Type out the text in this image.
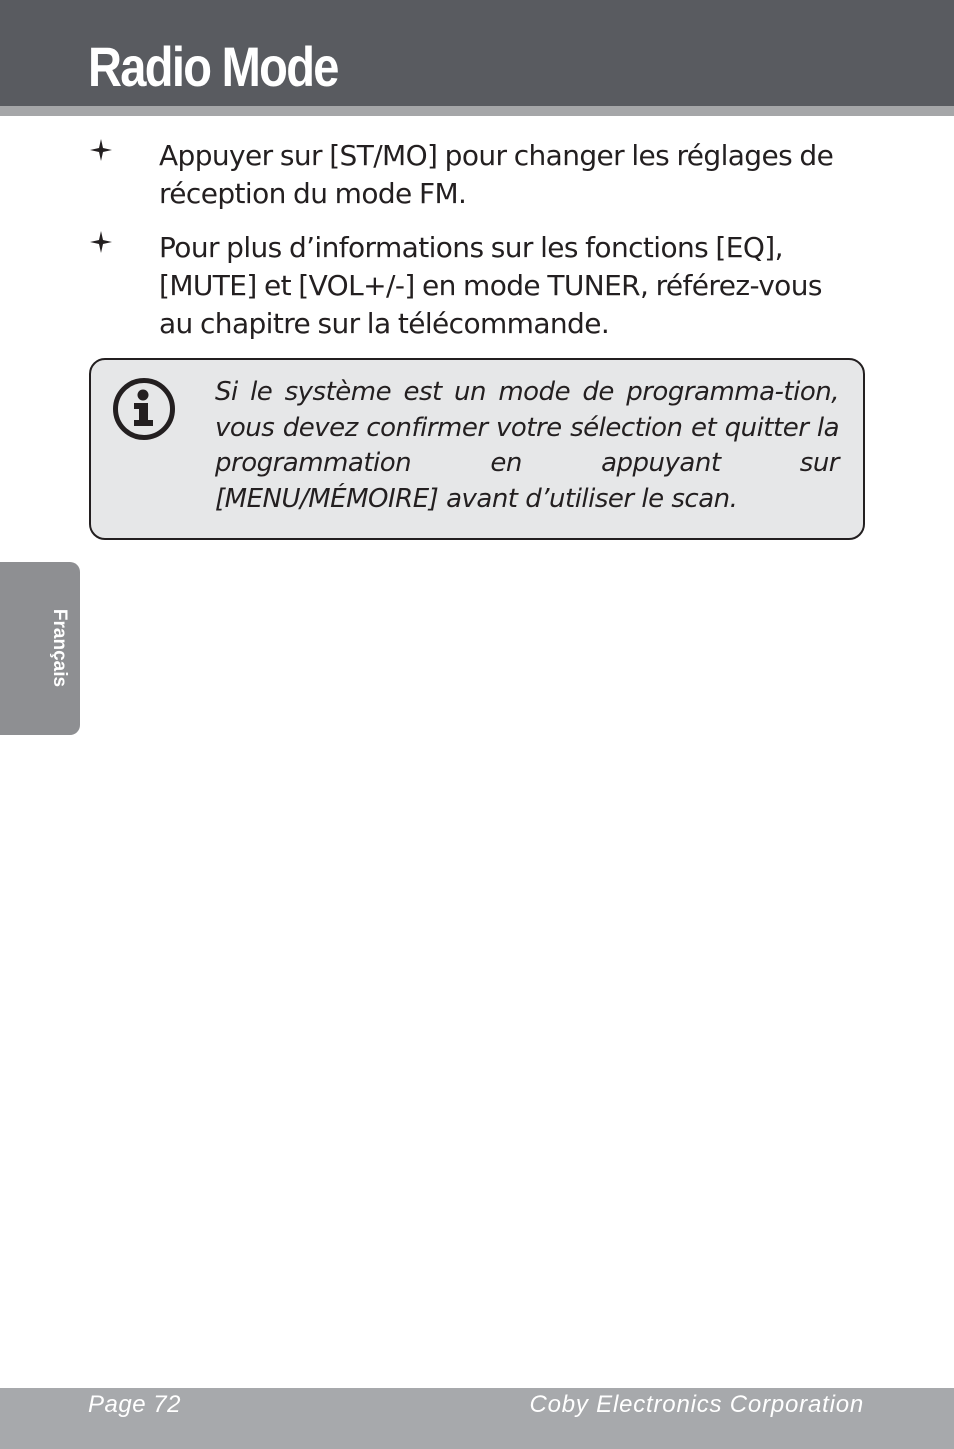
Radio Mode

Appuyer sur [ST/MO] pour changer les réglages de réception du mode FM.

Pour plus d’informations sur les fonctions [EQ], [MUTE] et [VOL+/-] en mode TUNER, référez-vous au chapitre sur la télécommande.

Si le système est un mode de programma-tion, vous devez confirmer votre sélection et quitter la programmation en appuyant sur [MENU/MÉMOIRE] avant d’utiliser le scan.

Français
Page 72	Coby Electronics Corporation
